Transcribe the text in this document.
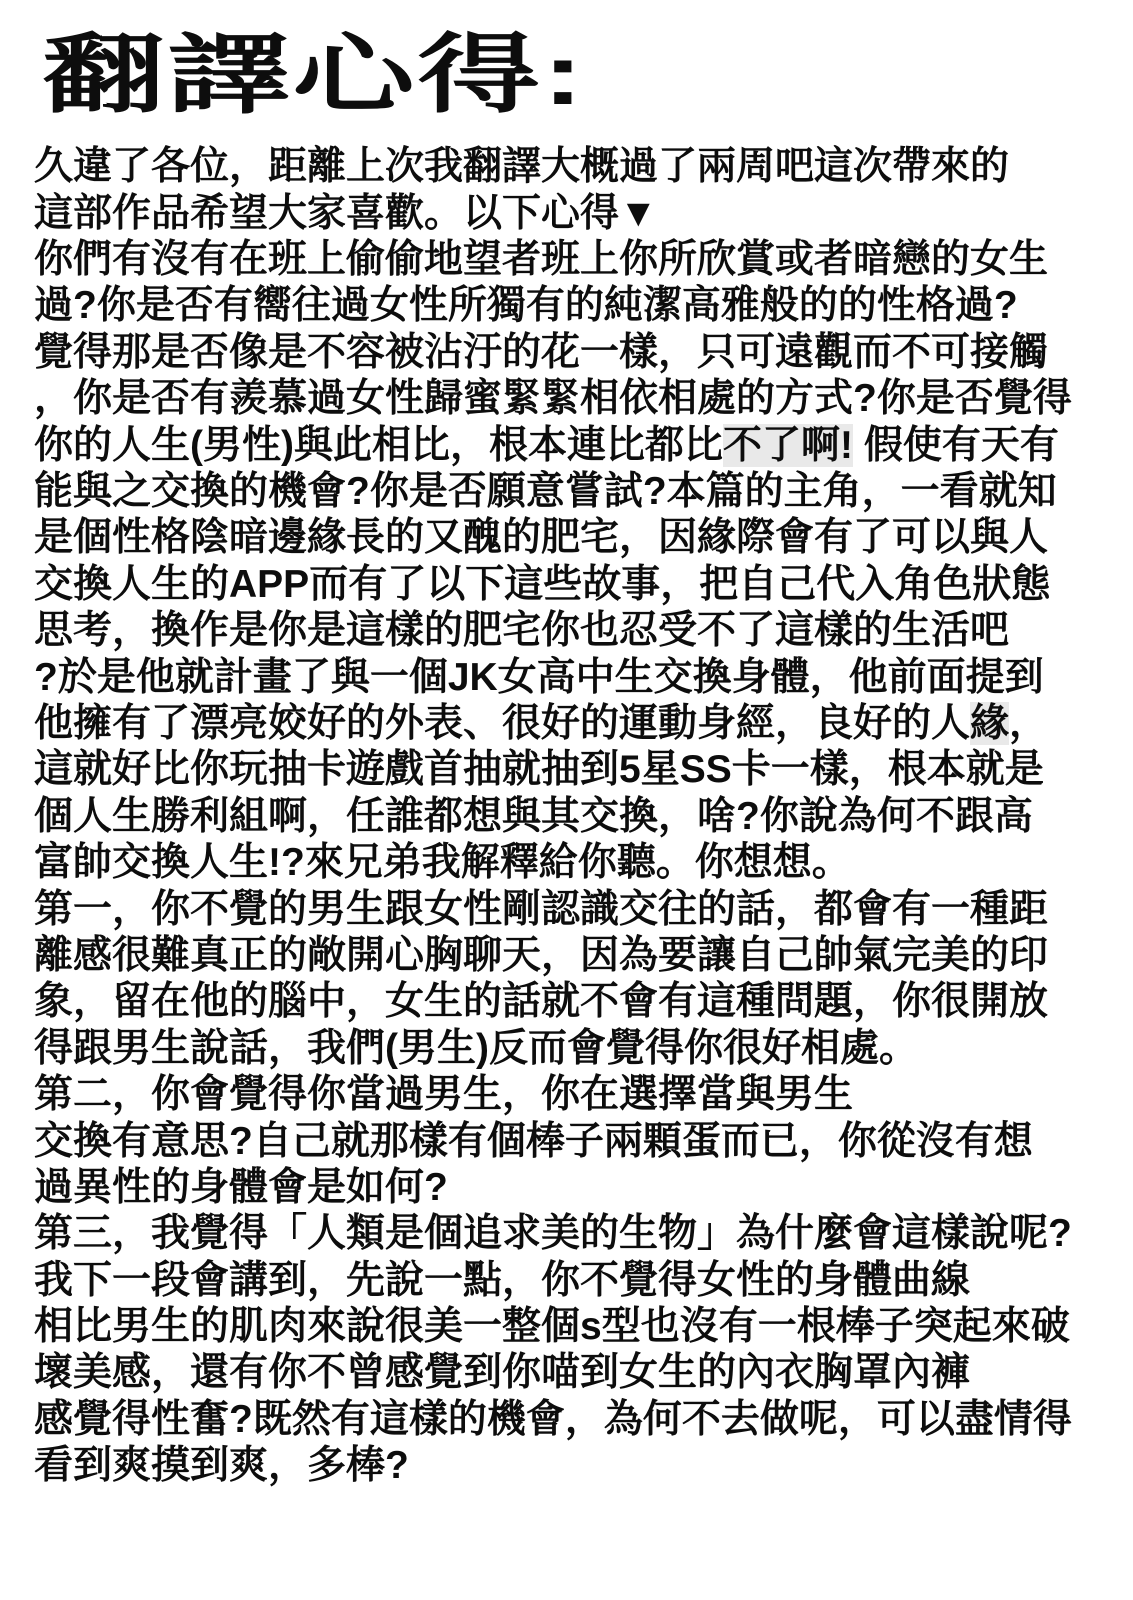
翻譯心得:
久違了各位，距離上次我翻譯大概過了兩周吧這次帶來的
這部作品希望大家喜歡。以下心得▼
你們有沒有在班上偷偷地望者班上你所欣賞或者暗戀的女生
過?你是否有嚮往過女性所獨有的純潔高雅般的的性格過?
覺得那是否像是不容被沾汙的花一樣，只可遠觀而不可接觸
，你是否有羨慕過女性歸蜜緊緊相依相處的方式?你是否覺得
你的人生(男性)與此相比，根本連比都比不了啊! 假使有天有
能與之交換的機會?你是否願意嘗試?本篇的主角，一看就知
是個性格陰暗邊緣長的又醜的肥宅，因緣際會有了可以與人
交換人生的APP而有了以下這些故事，把自己代入角色狀態
思考，換作是你是這樣的肥宅你也忍受不了這樣的生活吧
?於是他就計畫了與一個JK女高中生交換身體，他前面提到
他擁有了漂亮姣好的外表、很好的運動身經，良好的人緣，
這就好比你玩抽卡遊戲首抽就抽到5星SS卡一樣，根本就是
個人生勝利組啊，任誰都想與其交換，啥?你說為何不跟高
富帥交換人生!?來兄弟我解釋給你聽。你想想。
第一，你不覺的男生跟女性剛認識交往的話，都會有一種距
離感很難真正的敞開心胸聊天，因為要讓自己帥氣完美的印
象，留在他的腦中，女生的話就不會有這種問題，你很開放
得跟男生說話，我們(男生)反而會覺得你很好相處。
第二，你會覺得你當過男生，你在選擇當與男生
交換有意思?自己就那樣有個棒子兩顆蛋而已，你從沒有想
過異性的身體會是如何?
第三，我覺得「人類是個追求美的生物」為什麼會這樣說呢?
我下一段會講到，先說一點，你不覺得女性的身體曲線
相比男生的肌肉來說很美一整個s型也沒有一根棒子突起來破
壞美感，還有你不曾感覺到你喵到女生的內衣胸罩內褲
感覺得性奮?既然有這樣的機會，為何不去做呢，可以盡情得
看到爽摸到爽，多棒?
